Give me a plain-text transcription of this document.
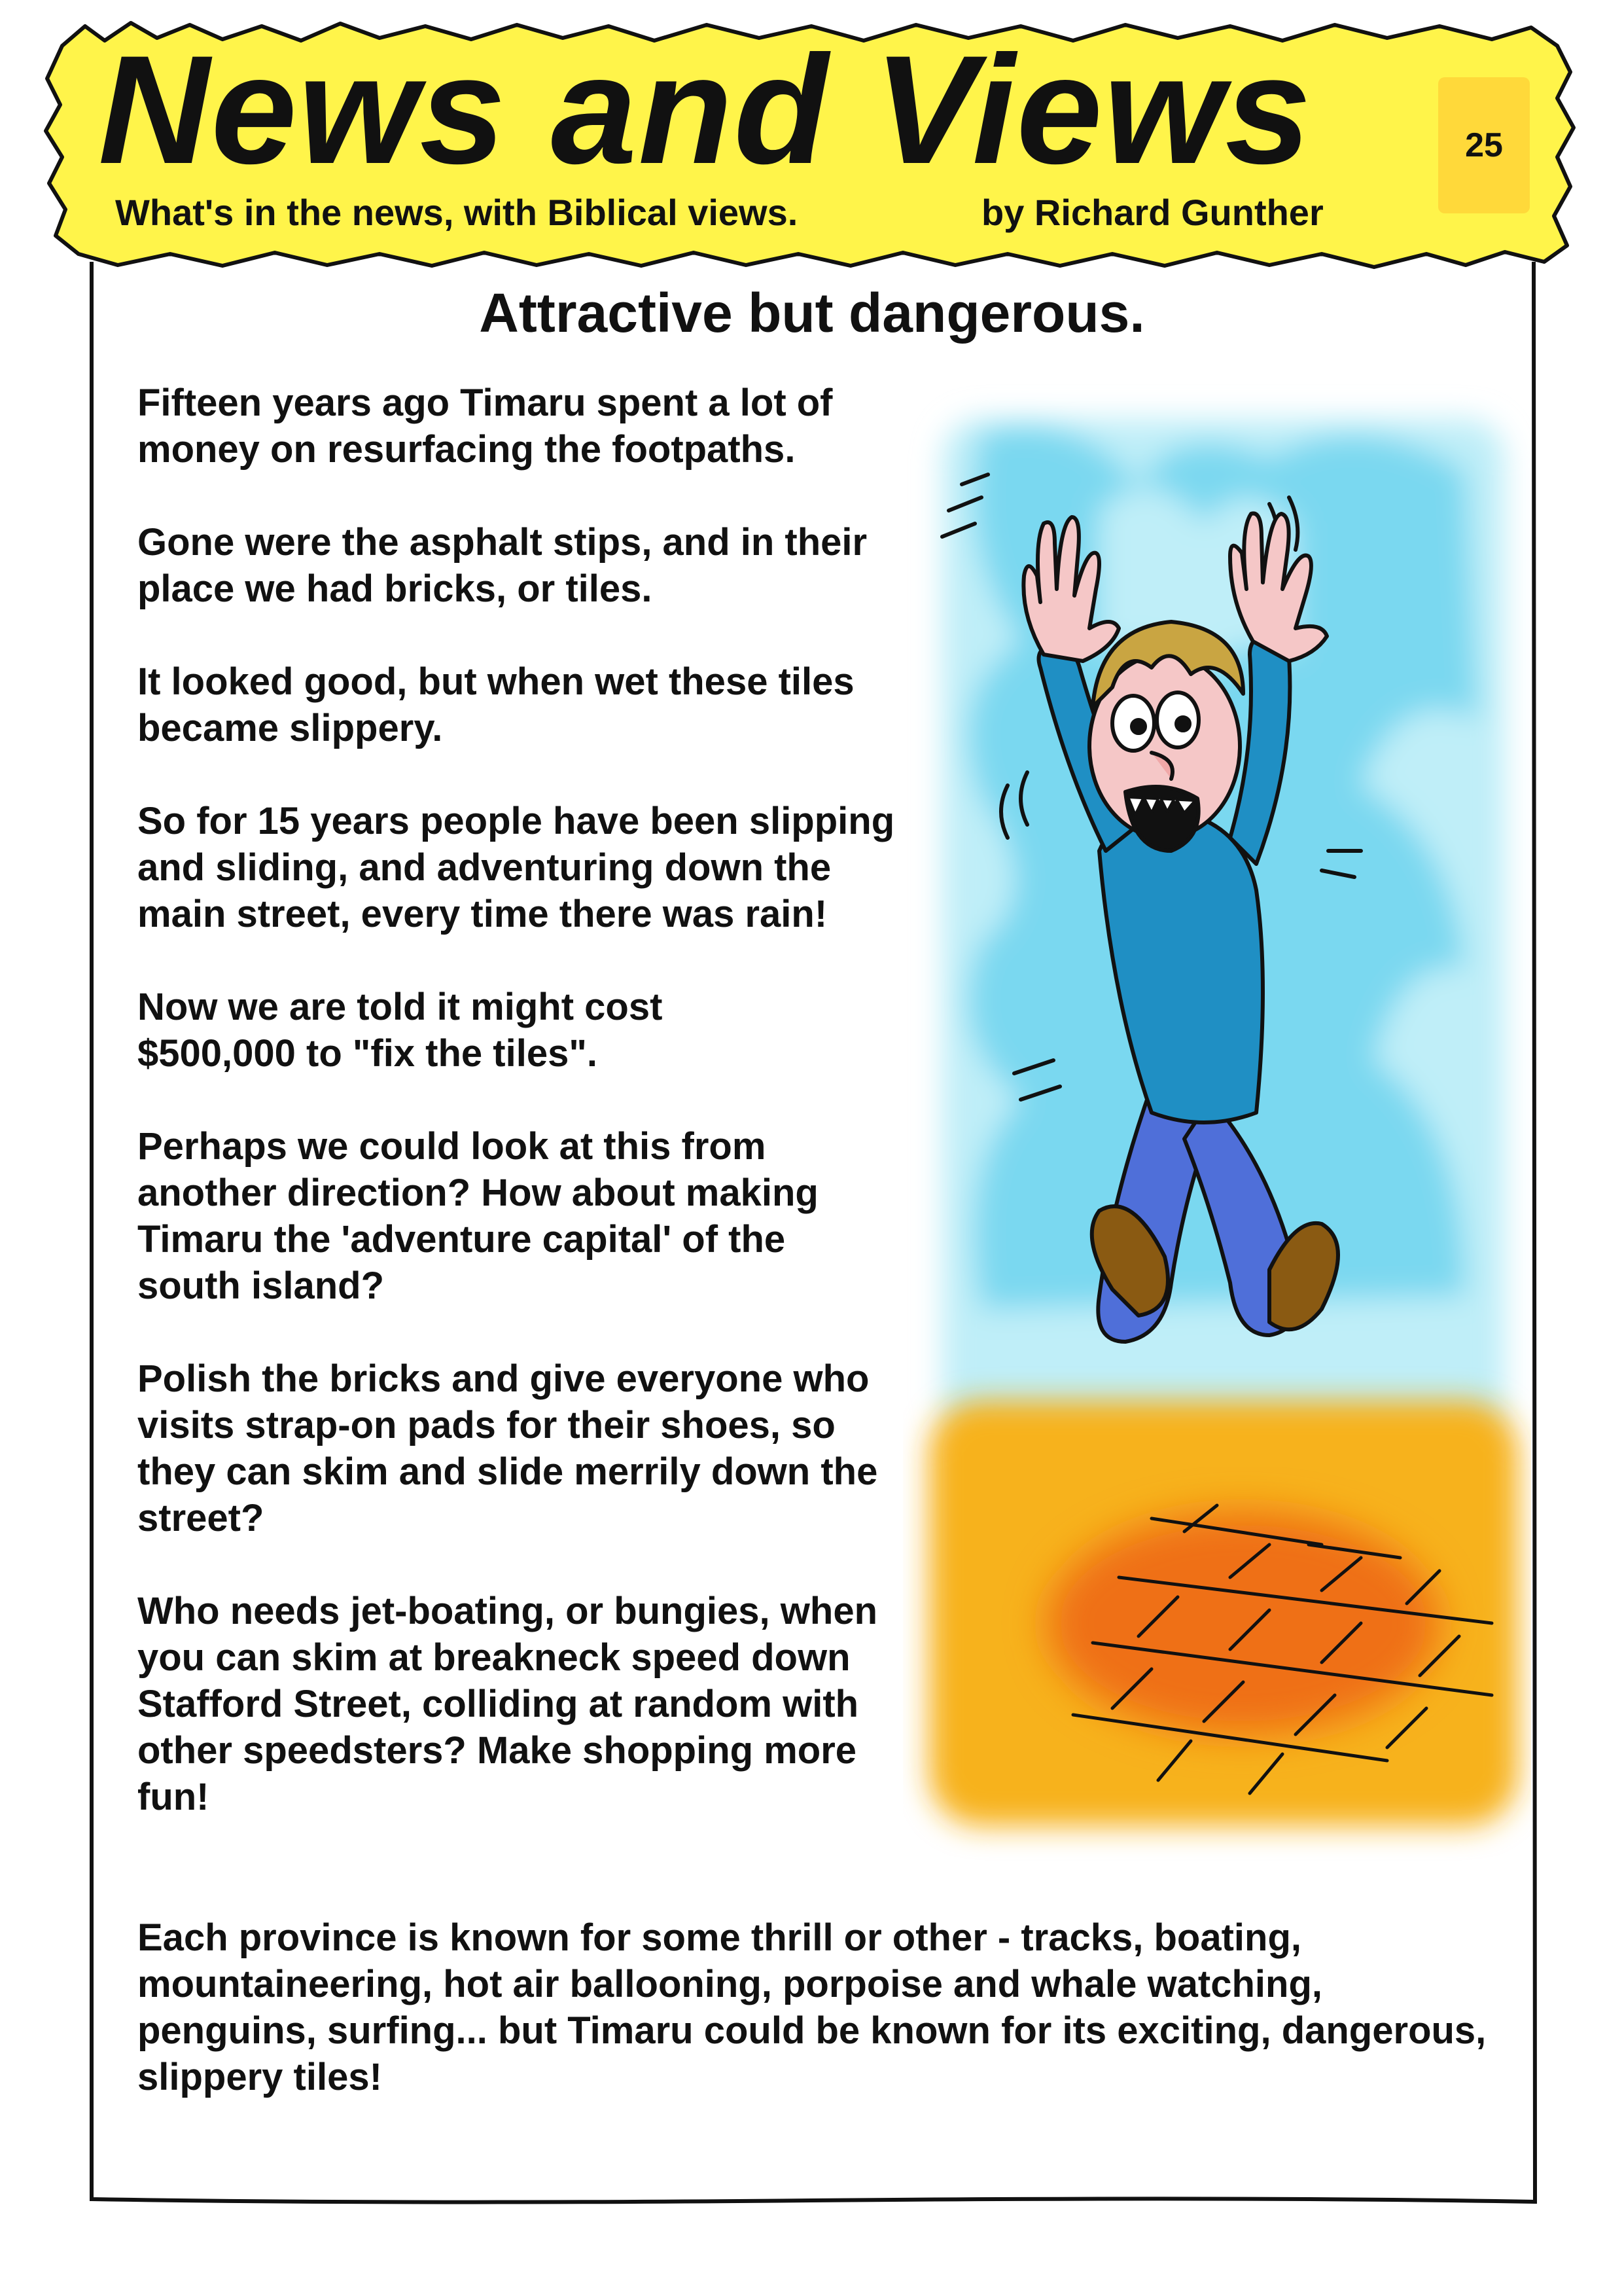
News and Views
What's in the news, with Biblical views.	by Richard Gunther
25
Attractive but dangerous.

Fifteen years ago Timaru spent a lot of money on resurfacing the footpaths.

Gone were the asphalt stips, and in their place we had bricks, or tiles.

It looked good, but when wet these tiles became slippery.

So for 15 years people have been slipping and sliding, and adventuring down the main street, every time there was rain!

Now we are told it might cost $500,000 to "fix the tiles".

Perhaps we could look at this from another direction? How about making Timaru the 'adventure capital' of the south island?

Polish the bricks and give everyone who visits strap-on pads for their shoes, so they can skim and slide merrily down the street?

Who needs jet-boating, or bungies, when you can skim at breakneck speed down Stafford Street, colliding at random with other speedsters? Make shopping more fun!

Each province is known for some thrill or other - tracks, boating, mountaineering, hot air ballooning, porpoise and whale watching, penguins, surfing... but Timaru could be known for its exciting, dangerous, slippery tiles!
